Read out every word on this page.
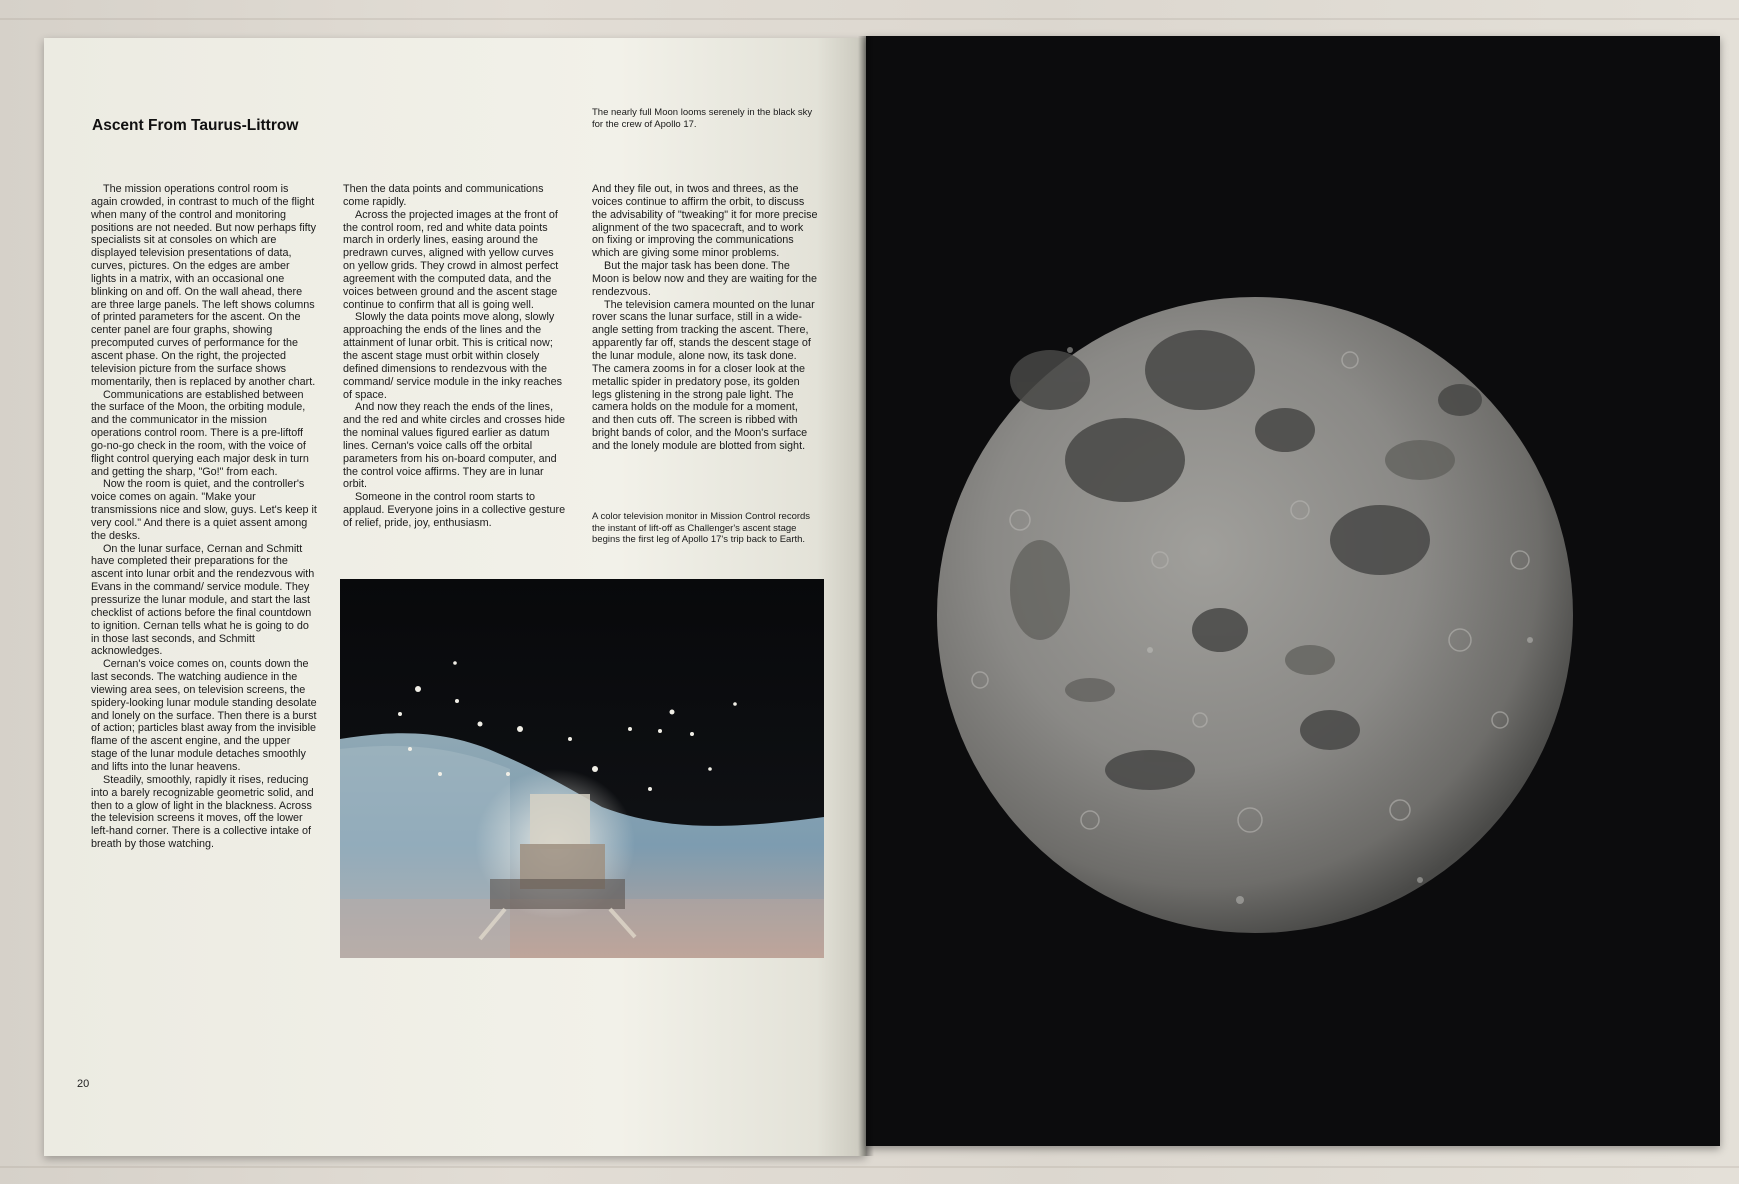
Ascent From Taurus-Littrow
The nearly full Moon looms serenely in the black sky for the crew of Apollo 17.

The mission operations control room is again crowded, in contrast to much of the flight when many of the control and monitoring positions are not needed. But now perhaps fifty specialists sit at consoles on which are displayed television presentations of data, curves, pictures. On the edges are amber lights in a matrix, with an occasional one blinking on and off. On the wall ahead, there are three large panels. The left shows columns of printed parameters for the ascent. On the center panel are four graphs, showing precomputed curves of performance for the ascent phase. On the right, the projected television picture from the surface shows momentarily, then is replaced by another chart.

Communications are established between the surface of the Moon, the orbiting module, and the communicator in the mission operations control room. There is a pre-liftoff go-no-go check in the room, with the voice of flight control querying each major desk in turn and getting the sharp, "Go!" from each.

Now the room is quiet, and the controller's voice comes on again. "Make your transmissions nice and slow, guys. Let's keep it very cool." And there is a quiet assent among the desks.

On the lunar surface, Cernan and Schmitt have completed their preparations for the ascent into lunar orbit and the rendezvous with Evans in the command/ service module. They pressurize the lunar module, and start the last checklist of actions before the final countdown to ignition. Cernan tells what he is going to do in those last seconds, and Schmitt acknowledges.

Cernan's voice comes on, counts down the last seconds. The watching audience in the viewing area sees, on television screens, the spidery-looking lunar module standing desolate and lonely on the surface. Then there is a burst of action; particles blast away from the invisible flame of the ascent engine, and the upper stage of the lunar module detaches smoothly and lifts into the lunar heavens.

Steadily, smoothly, rapidly it rises, reducing into a barely recognizable geometric solid, and then to a glow of light in the blackness. Across the television screens it moves, off the lower left-hand corner. There is a collective intake of breath by those watching.

Then the data points and communications come rapidly.

Across the projected images at the front of the control room, red and white data points march in orderly lines, easing around the predrawn curves, aligned with yellow curves on yellow grids. They crowd in almost perfect agreement with the computed data, and the voices between ground and the ascent stage continue to confirm that all is going well.

Slowly the data points move along, slowly approaching the ends of the lines and the attainment of lunar orbit. This is critical now; the ascent stage must orbit within closely defined dimensions to rendezvous with the command/ service module in the inky reaches of space.

And now they reach the ends of the lines, and the red and white circles and crosses hide the nominal values figured earlier as datum lines. Cernan's voice calls off the orbital parameters from his on-board computer, and the control voice affirms. They are in lunar orbit.

Someone in the control room starts to applaud. Everyone joins in a collective gesture of relief, pride, joy, enthusiasm.

And they file out, in twos and threes, as the voices continue to affirm the orbit, to discuss the advisability of "tweaking" it for more precise alignment of the two spacecraft, and to work on fixing or improving the communications which are giving some minor problems.

But the major task has been done. The Moon is below now and they are waiting for the rendezvous.

The television camera mounted on the lunar rover scans the lunar surface, still in a wide-angle setting from tracking the ascent. There, apparently far off, stands the descent stage of the lunar module, alone now, its task done. The camera zooms in for a closer look at the metallic spider in predatory pose, its golden legs glistening in the strong pale light. The camera holds on the module for a moment, and then cuts off. The screen is ribbed with bright bands of color, and the Moon's surface and the lonely module are blotted from sight.

A color television monitor in Mission Control records the instant of lift-off as Challenger's ascent stage begins the first leg of Apollo 17's trip back to Earth.
20
